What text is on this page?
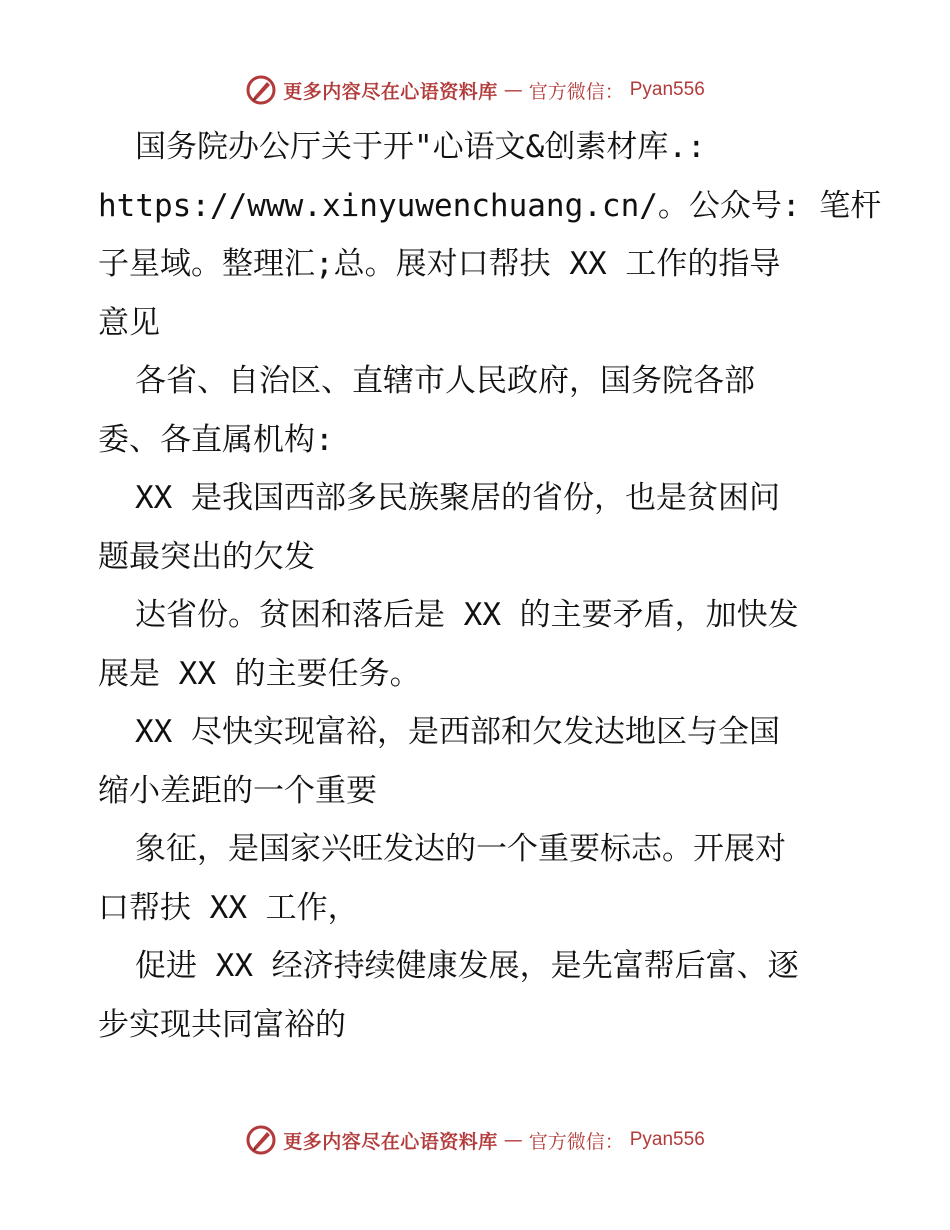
更多内容尽在心语资料库 — 官方微信： Pyan556
国务院办公厅关于开"心语文&创素材库.:
https://www.xinyuwenchuang.cn/。公众号: 笔杆
子星域。整理汇;总。展对口帮扶 XX 工作的指导
意见
各省、自治区、直辖市人民政府，国务院各部
委、各直属机构:
XX 是我国西部多民族聚居的省份，也是贫困问
题最突出的欠发
达省份。贫困和落后是 XX 的主要矛盾，加快发
展是 XX 的主要任务。
XX 尽快实现富裕，是西部和欠发达地区与全国
缩小差距的一个重要
象征，是国家兴旺发达的一个重要标志。开展对
口帮扶 XX 工作，
促进 XX 经济持续健康发展，是先富帮后富、逐
步实现共同富裕的
更多内容尽在心语资料库 — 官方微信： Pyan556
